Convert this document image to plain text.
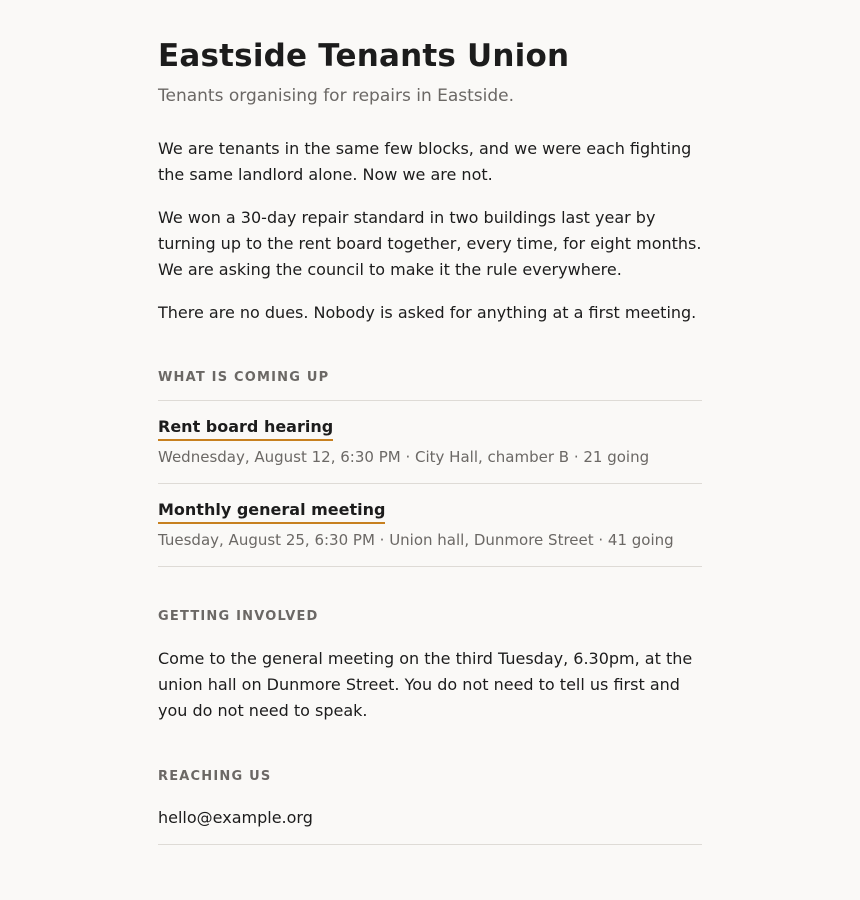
Eastside Tenants Union

Tenants organising for repairs in Eastside.

We are tenants in the same few blocks, and we were each fighting the same landlord alone. Now we are not.

We won a 30-day repair standard in two buildings last year by turning up to the rent board together, every time, for eight months. We are asking the council to make it the rule everywhere.

There are no dues. Nobody is asked for anything at a first meeting.

WHAT IS COMING UP
Rent board hearing
Wednesday, August 12, 6:30 PM · City Hall, chamber B · 21 going
Monthly general meeting
Tuesday, August 25, 6:30 PM · Union hall, Dunmore Street · 41 going
GETTING INVOLVED

Come to the general meeting on the third Tuesday, 6.30pm, at the union hall on Dunmore Street. You do not need to tell us first and you do not need to speak.

REACHING US
hello@example.org
